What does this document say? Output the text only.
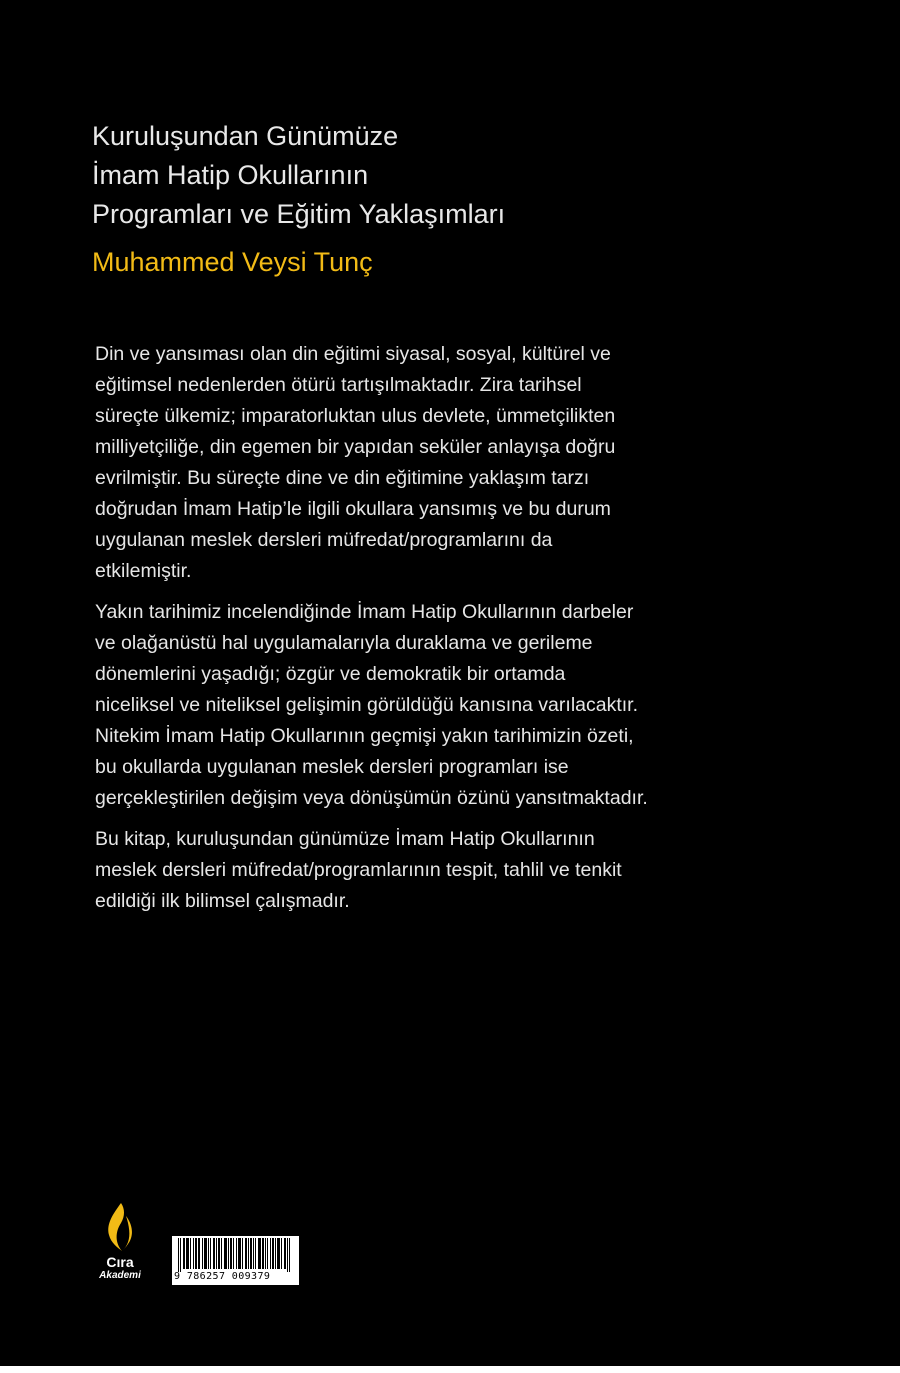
Kuruluşundan Günümüze
İmam Hatip Okullarının
Programları ve Eğitim Yaklaşımları
Muhammed Veysi Tunç
Din ve yansıması olan din eğitimi siyasal, sosyal, kültürel ve
eğitimsel nedenlerden ötürü tartışılmaktadır. Zira tarihsel
süreçte ülkemiz; imparatorluktan ulus devlete, ümmetçilikten
milliyetçiliğe, din egemen bir yapıdan seküler anlayışa doğru
evrilmiştir. Bu süreçte dine ve din eğitimine yaklaşım tarzı
doğrudan İmam Hatip’le ilgili okullara yansımış ve bu durum
uygulanan meslek dersleri müfredat/programlarını da
etkilemiştir.
Yakın tarihimiz incelendiğinde İmam Hatip Okullarının darbeler
ve olağanüstü hal uygulamalarıyla duraklama ve gerileme
dönemlerini yaşadığı; özgür ve demokratik bir ortamda
niceliksel ve niteliksel gelişimin görüldüğü kanısına varılacaktır.
Nitekim İmam Hatip Okullarının geçmişi yakın tarihimizin özeti,
bu okullarda uygulanan meslek dersleri programları ise
gerçekleştirilen değişim veya dönüşümün özünü yansıtmaktadır.
Bu kitap, kuruluşundan günümüze İmam Hatip Okullarının
meslek dersleri müfredat/programlarının tespit, tahlil ve tenkit
edildiği ilk bilimsel çalışmadır.
Cıra
Akademi	9 786257 009379
